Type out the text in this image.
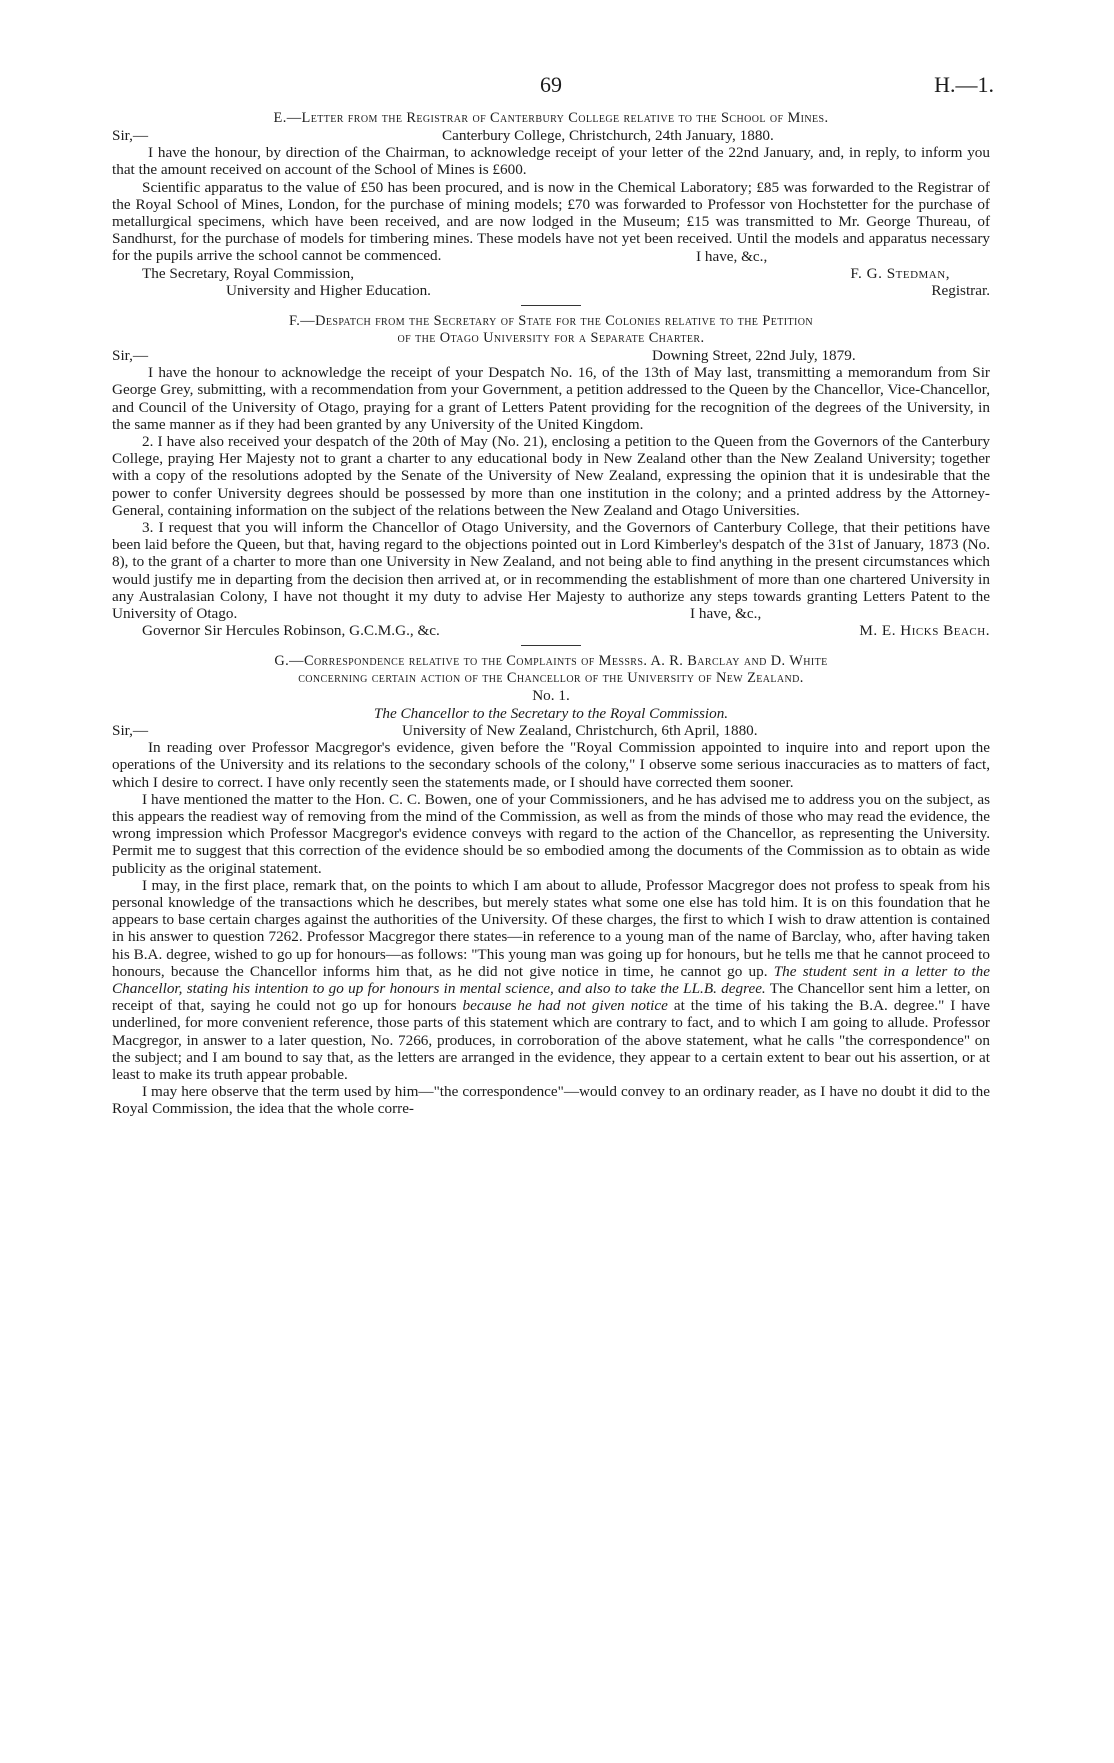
69	H.—1.

E.—Letter from the Registrar of Canterbury College relative to the School of Mines.

Sir,—	Canterbury College, Christchurch, 24th January, 1880.

I have the honour, by direction of the Chairman, to acknowledge receipt of your letter of the 22nd January, and, in reply, to inform you that the amount received on account of the School of Mines is £600.

Scientific apparatus to the value of £50 has been procured, and is now in the Chemical Laboratory; £85 was forwarded to the Registrar of the Royal School of Mines, London, for the purchase of mining models; £70 was forwarded to Professor von Hochstetter for the purchase of metallurgical specimens, which have been received, and are now lodged in the Museum; £15 was transmitted to Mr. George Thureau, of Sandhurst, for the purchase of models for timbering mines. These models have not yet been received. Until the models and apparatus necessary for the pupils arrive the school cannot be commenced.

The Secretary, Royal Commission,
I have, &c.,
F. G. Stedman,
University and Higher Education.	Registrar.

F.—Despatch from the Secretary of State for the Colonies relative to the Petition

of the Otago University for a Separate Charter.

Sir,—	Downing Street, 22nd July, 1879.

I have the honour to acknowledge the receipt of your Despatch No. 16, of the 13th of May last, transmitting a memorandum from Sir George Grey, submitting, with a recommendation from your Government, a petition addressed to the Queen by the Chancellor, Vice-Chancellor, and Council of the University of Otago, praying for a grant of Letters Patent providing for the recognition of the degrees of the University, in the same manner as if they had been granted by any University of the United Kingdom.

2. I have also received your despatch of the 20th of May (No. 21), enclosing a petition to the Queen from the Governors of the Canterbury College, praying Her Majesty not to grant a charter to any educational body in New Zealand other than the New Zealand University; together with a copy of the resolutions adopted by the Senate of the University of New Zealand, expressing the opinion that it is undesirable that the power to confer University degrees should be possessed by more than one institution in the colony; and a printed address by the Attorney-General, containing information on the subject of the relations between the New Zealand and Otago Universities.

3. I request that you will inform the Chancellor of Otago University, and the Governors of Canterbury College, that their petitions have been laid before the Queen, but that, having regard to the objections pointed out in Lord Kimberley's despatch of the 31st of January, 1873 (No. 8), to the grant of a charter to more than one University in New Zealand, and not being able to find anything in the present circumstances which would justify me in departing from the decision then arrived at, or in recommending the establishment of more than one chartered University in any Australasian Colony, I have not thought it my duty to advise Her Majesty to authorize any steps towards granting Letters Patent to the University of Otago.

Governor Sir Hercules Robinson, G.C.M.G., &c.
I have, &c.,
M. E. Hicks Beach.

G.—Correspondence relative to the Complaints of Messrs. A. R. Barclay and D. White

concerning certain action of the Chancellor of the University of New Zealand.

No. 1.

The Chancellor to the Secretary to the Royal Commission.

Sir,—	University of New Zealand, Christchurch, 6th April, 1880.

In reading over Professor Macgregor's evidence, given before the "Royal Commission appointed to inquire into and report upon the operations of the University and its relations to the secondary schools of the colony," I observe some serious inaccuracies as to matters of fact, which I desire to correct. I have only recently seen the statements made, or I should have corrected them sooner.

I have mentioned the matter to the Hon. C. C. Bowen, one of your Commissioners, and he has advised me to address you on the subject, as this appears the readiest way of removing from the mind of the Commission, as well as from the minds of those who may read the evidence, the wrong impression which Professor Macgregor's evidence conveys with regard to the action of the Chancellor, as representing the University. Permit me to suggest that this correction of the evidence should be so embodied among the documents of the Commission as to obtain as wide publicity as the original statement.

I may, in the first place, remark that, on the points to which I am about to allude, Professor Macgregor does not profess to speak from his personal knowledge of the transactions which he describes, but merely states what some one else has told him. It is on this foundation that he appears to base certain charges against the authorities of the University. Of these charges, the first to which I wish to draw attention is contained in his answer to question 7262. Professor Macgregor there states—in reference to a young man of the name of Barclay, who, after having taken his B.A. degree, wished to go up for honours—as follows: "This young man was going up for honours, but he tells me that he cannot proceed to honours, because the Chancellor informs him that, as he did not give notice in time, he cannot go up. The student sent in a letter to the Chancellor, stating his intention to go up for honours in mental science, and also to take the LL.B. degree. The Chancellor sent him a letter, on receipt of that, saying he could not go up for honours because he had not given notice at the time of his taking the B.A. degree." I have underlined, for more convenient reference, those parts of this statement which are contrary to fact, and to which I am going to allude. Professor Macgregor, in answer to a later question, No. 7266, produces, in corroboration of the above statement, what he calls "the correspondence" on the subject; and I am bound to say that, as the letters are arranged in the evidence, they appear to a certain extent to bear out his assertion, or at least to make its truth appear probable.

I may here observe that the term used by him—"the correspondence"—would convey to an ordinary reader, as I have no doubt it did to the Royal Commission, the idea that the whole corre-
